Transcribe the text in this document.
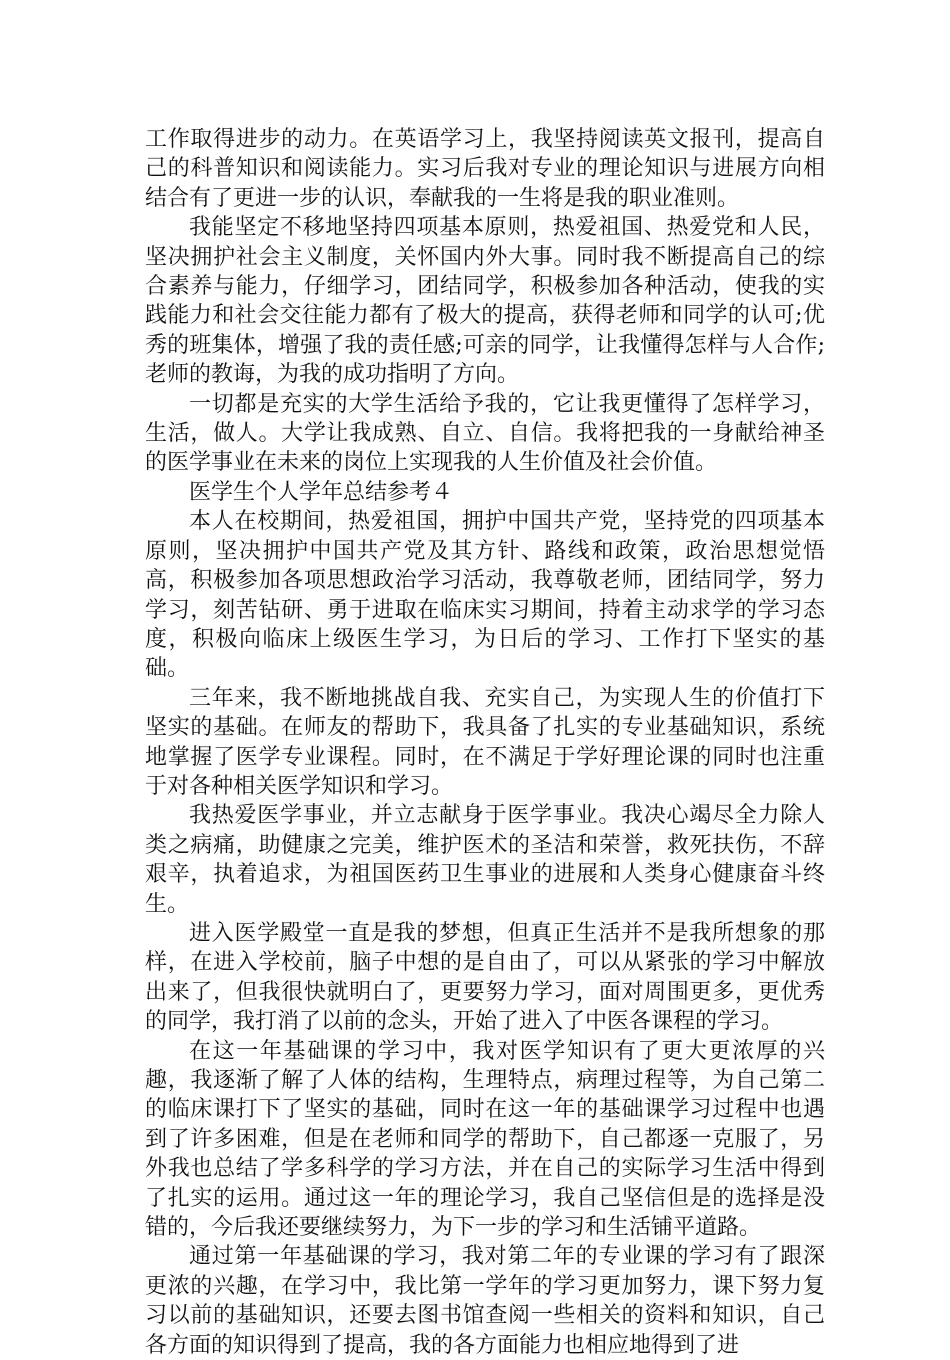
工作取得进步的动力。在英语学习上，我坚持阅读英文报刊，提高自己的科普知识和阅读能力。实习后我对专业的理论知识与进展方向相结合有了更进一步的认识，奉献我的一生将是我的职业准则。

我能坚定不移地坚持四项基本原则，热爱祖国、热爱党和人民，坚决拥护社会主义制度，关怀国内外大事。同时我不断提高自己的综合素养与能力，仔细学习，团结同学，积极参加各种活动，使我的实践能力和社会交往能力都有了极大的提高，获得老师和同学的认可;优秀的班集体，增强了我的责任感;可亲的同学，让我懂得怎样与人合作;老师的教诲，为我的成功指明了方向。

一切都是充实的大学生活给予我的，它让我更懂得了怎样学习，生活，做人。大学让我成熟、自立、自信。我将把我的一身献给神圣的医学事业在未来的岗位上实现我的人生价值及社会价值。

医学生个人学年总结参考４

本人在校期间，热爱祖国，拥护中国共产党，坚持党的四项基本原则，坚决拥护中国共产党及其方针、路线和政策，政治思想觉悟高，积极参加各项思想政治学习活动，我尊敬老师，团结同学，努力学习，刻苦钻研、勇于进取在临床实习期间，持着主动求学的学习态度，积极向临床上级医生学习，为日后的学习、工作打下坚实的基础。

三年来，我不断地挑战自我、充实自己，为实现人生的价值打下坚实的基础。在师友的帮助下，我具备了扎实的专业基础知识，系统地掌握了医学专业课程。同时，在不满足于学好理论课的同时也注重于对各种相关医学知识和学习。

我热爱医学事业，并立志献身于医学事业。我决心竭尽全力除人类之病痛，助健康之完美，维护医术的圣洁和荣誉，救死扶伤，不辞艰辛，执着追求，为祖国医药卫生事业的进展和人类身心健康奋斗终生。

进入医学殿堂一直是我的梦想，但真正生活并不是我所想象的那样，在进入学校前，脑子中想的是自由了，可以从紧张的学习中解放出来了，但我很快就明白了，更要努力学习，面对周围更多，更优秀的同学，我打消了以前的念头，开始了进入了中医各课程的学习。

在这一年基础课的学习中，我对医学知识有了更大更浓厚的兴趣，我逐渐了解了人体的结构，生理特点，病理过程等，为自己第二的临床课打下了坚实的基础，同时在这一年的基础课学习过程中也遇到了许多困难，但是在老师和同学的帮助下，自己都逐一克服了，另外我也总结了学多科学的学习方法，并在自己的实际学习生活中得到了扎实的运用。通过这一年的理论学习，我自己坚信但是的选择是没错的，今后我还要继续努力，为下一步的学习和生活铺平道路。

通过第一年基础课的学习，我对第二年的专业课的学习有了跟深更浓的兴趣，在学习中，我比第一学年的学习更加努力，课下努力复习以前的基础知识，还要去图书馆查阅一些相关的资料和知识，自己各方面的知识得到了提高，我的各方面能力也相应地得到了进
